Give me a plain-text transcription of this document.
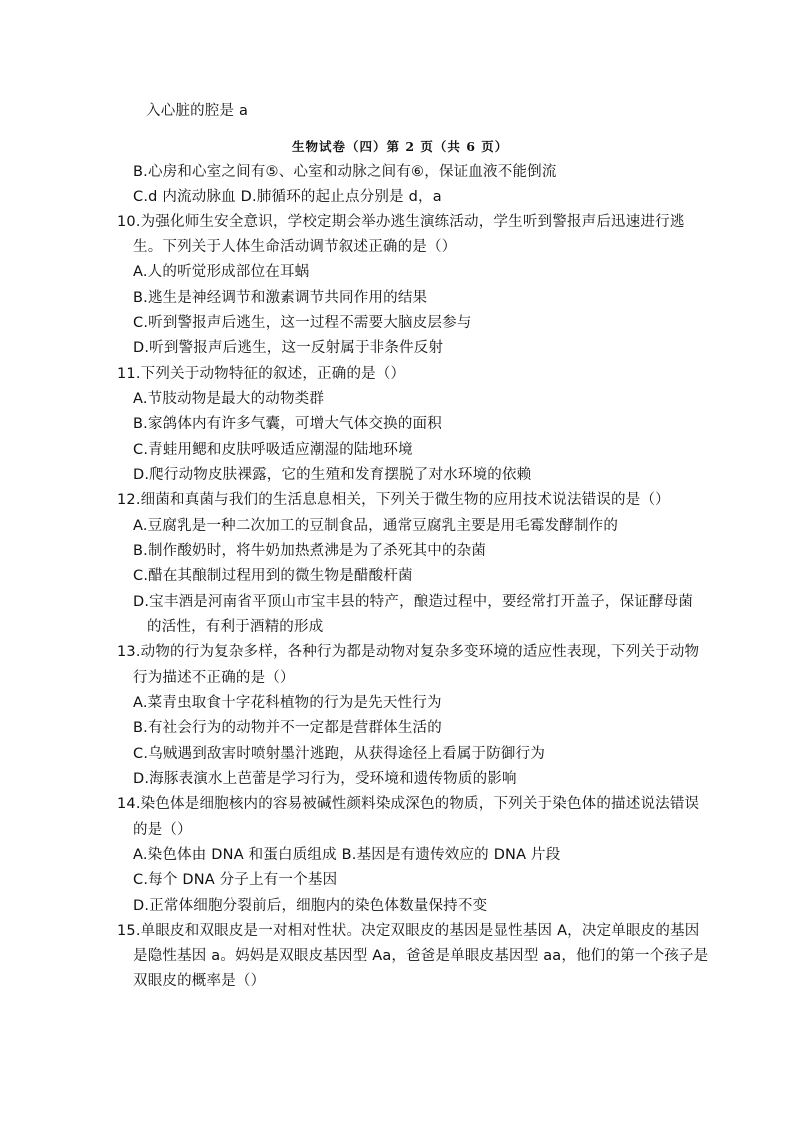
入心脏的腔是 a
生物试卷（四）第 2 页（共 6 页）
B.心房和心室之间有⑤、心室和动脉之间有⑥，保证血液不能倒流
C.d 内流动脉血 D.肺循环的起止点分别是 d，a
10.为强化师生安全意识，学校定期会举办逃生演练活动，学生听到警报声后迅速进行逃
生。下列关于人体生命活动调节叙述正确的是（）
A.人的听觉形成部位在耳蜗
B.逃生是神经调节和激素调节共同作用的结果
C.听到警报声后逃生，这一过程不需要大脑皮层参与
D.听到警报声后逃生，这一反射属于非条件反射
11.下列关于动物特征的叙述，正确的是（）
A.节肢动物是最大的动物类群
B.家鸽体内有许多气囊，可增大气体交换的面积
C.青蛙用鳃和皮肤呼吸适应潮湿的陆地环境
D.爬行动物皮肤裸露，它的生殖和发育摆脱了对水环境的依赖
12.细菌和真菌与我们的生活息息相关，下列关于微生物的应用技术说法错误的是（）
A.豆腐乳是一种二次加工的豆制食品，通常豆腐乳主要是用毛霉发酵制作的
B.制作酸奶时，将牛奶加热煮沸是为了杀死其中的杂菌
C.醋在其酿制过程用到的微生物是醋酸杆菌
D.宝丰酒是河南省平顶山市宝丰县的特产，酿造过程中，要经常打开盖子，保证酵母菌
的活性，有利于酒精的形成
13.动物的行为复杂多样，各种行为都是动物对复杂多变环境的适应性表现，下列关于动物
行为描述不正确的是（）
A.菜青虫取食十字花科植物的行为是先天性行为
B.有社会行为的动物并不一定都是营群体生活的
C.乌贼遇到敌害时喷射墨汁逃跑，从获得途径上看属于防御行为
D.海豚表演水上芭蕾是学习行为，受环境和遗传物质的影响
14.染色体是细胞核内的容易被碱性颜料染成深色的物质，下列关于染色体的描述说法错误
的是（）
A.染色体由 DNA 和蛋白质组成 B.基因是有遗传效应的 DNA 片段
C.每个 DNA 分子上有一个基因
D.正常体细胞分裂前后，细胞内的染色体数量保持不变
15.单眼皮和双眼皮是一对相对性状。决定双眼皮的基因是显性基因 A，决定单眼皮的基因
是隐性基因 a。妈妈是双眼皮基因型 Aa，爸爸是单眼皮基因型 aa，他们的第一个孩子是
双眼皮的概率是（）
